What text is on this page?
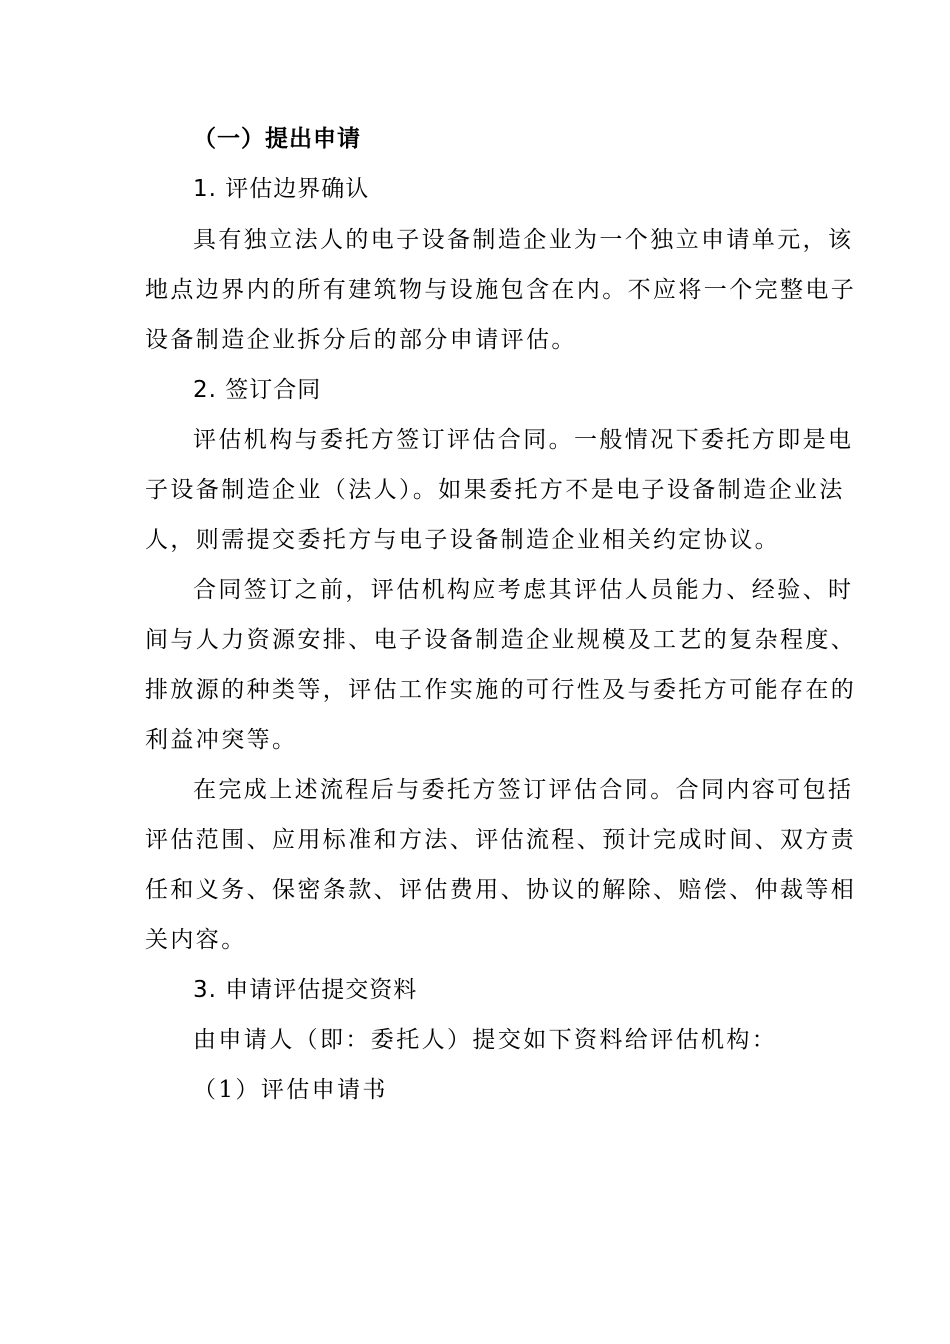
（一）提出申请
1. 评估边界确认
具有独立法人的电子设备制造企业为一个独立申请单元，该
地点边界内的所有建筑物与设施包含在内。不应将一个完整电子
设备制造企业拆分后的部分申请评估。
2. 签订合同
评估机构与委托方签订评估合同。一般情况下委托方即是电
子设备制造企业（法人）。如果委托方不是电子设备制造企业法
人，则需提交委托方与电子设备制造企业相关约定协议。
合同签订之前，评估机构应考虑其评估人员能力、经验、时
间与人力资源安排、电子设备制造企业规模及工艺的复杂程度、
排放源的种类等，评估工作实施的可行性及与委托方可能存在的
利益冲突等。
在完成上述流程后与委托方签订评估合同。合同内容可包括
评估范围、应用标准和方法、评估流程、预计完成时间、双方责
任和义务、保密条款、评估费用、协议的解除、赔偿、仲裁等相
关内容。
3. 申请评估提交资料
由申请人（即：委托人）提交如下资料给评估机构：
（1）评估申请书
